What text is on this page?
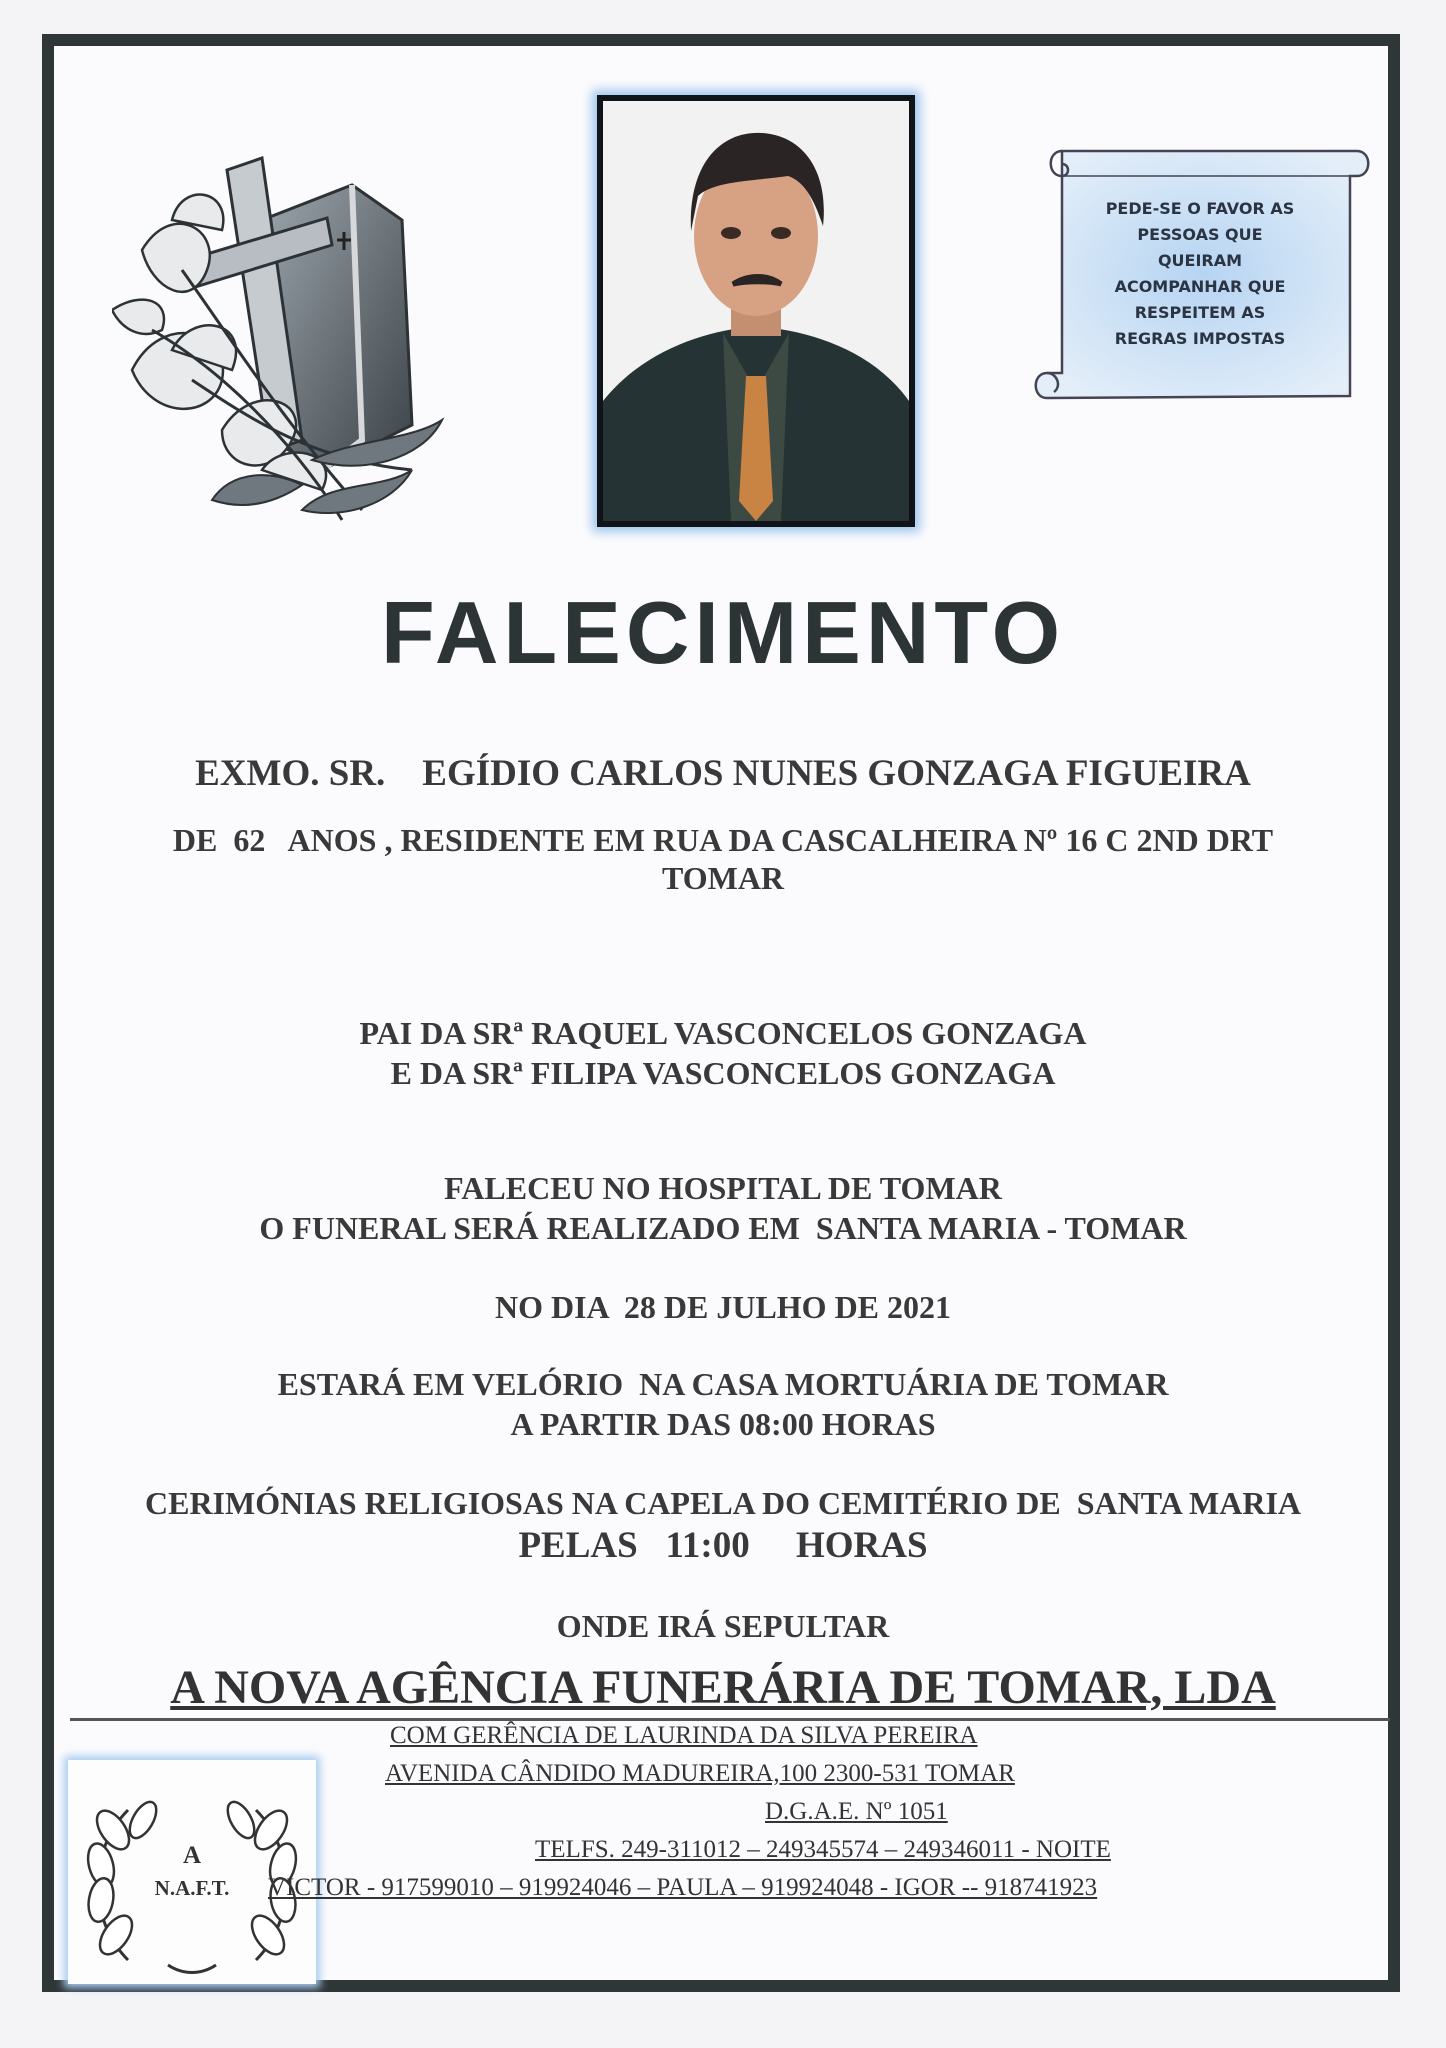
PEDE-SE O FAVOR AS
PESSOAS QUE
QUEIRAM
ACOMPANHAR QUE
RESPEITEM AS
REGRAS IMPOSTAS
FALECIMENTO
EXMO. SR.    EGÍDIO CARLOS NUNES GONZAGA FIGUEIRA
DE  62   ANOS , RESIDENTE EM RUA DA CASCALHEIRA Nº 16 C 2ND DRT
TOMAR
PAI DA SRª RAQUEL VASCONCELOS GONZAGA
E DA SRª FILIPA VASCONCELOS GONZAGA
FALECEU NO HOSPITAL DE TOMAR
O FUNERAL SERÁ REALIZADO EM  SANTA MARIA - TOMAR
NO DIA  28 DE JULHO DE 2021
ESTARÁ EM VELÓRIO  NA CASA MORTUÁRIA DE TOMAR
A PARTIR DAS 08:00 HORAS
CERIMÓNIAS RELIGIOSAS NA CAPELA DO CEMITÉRIO DE  SANTA MARIA
PELAS   11:00     HORAS
ONDE IRÁ SEPULTAR
A NOVA AGÊNCIA FUNERÁRIA DE TOMAR, LDA
A
N.A.F.T.
COM GERÊNCIA DE LAURINDA DA SILVA PEREIRA
AVENIDA CÂNDIDO MADUREIRA,100 2300-531 TOMAR
D.G.A.E. Nº 1051
TELFS. 249-311012 – 249345574 – 249346011 - NOITE
VICTOR - 917599010 – 919924046 – PAULA – 919924048 - IGOR -- 918741923
